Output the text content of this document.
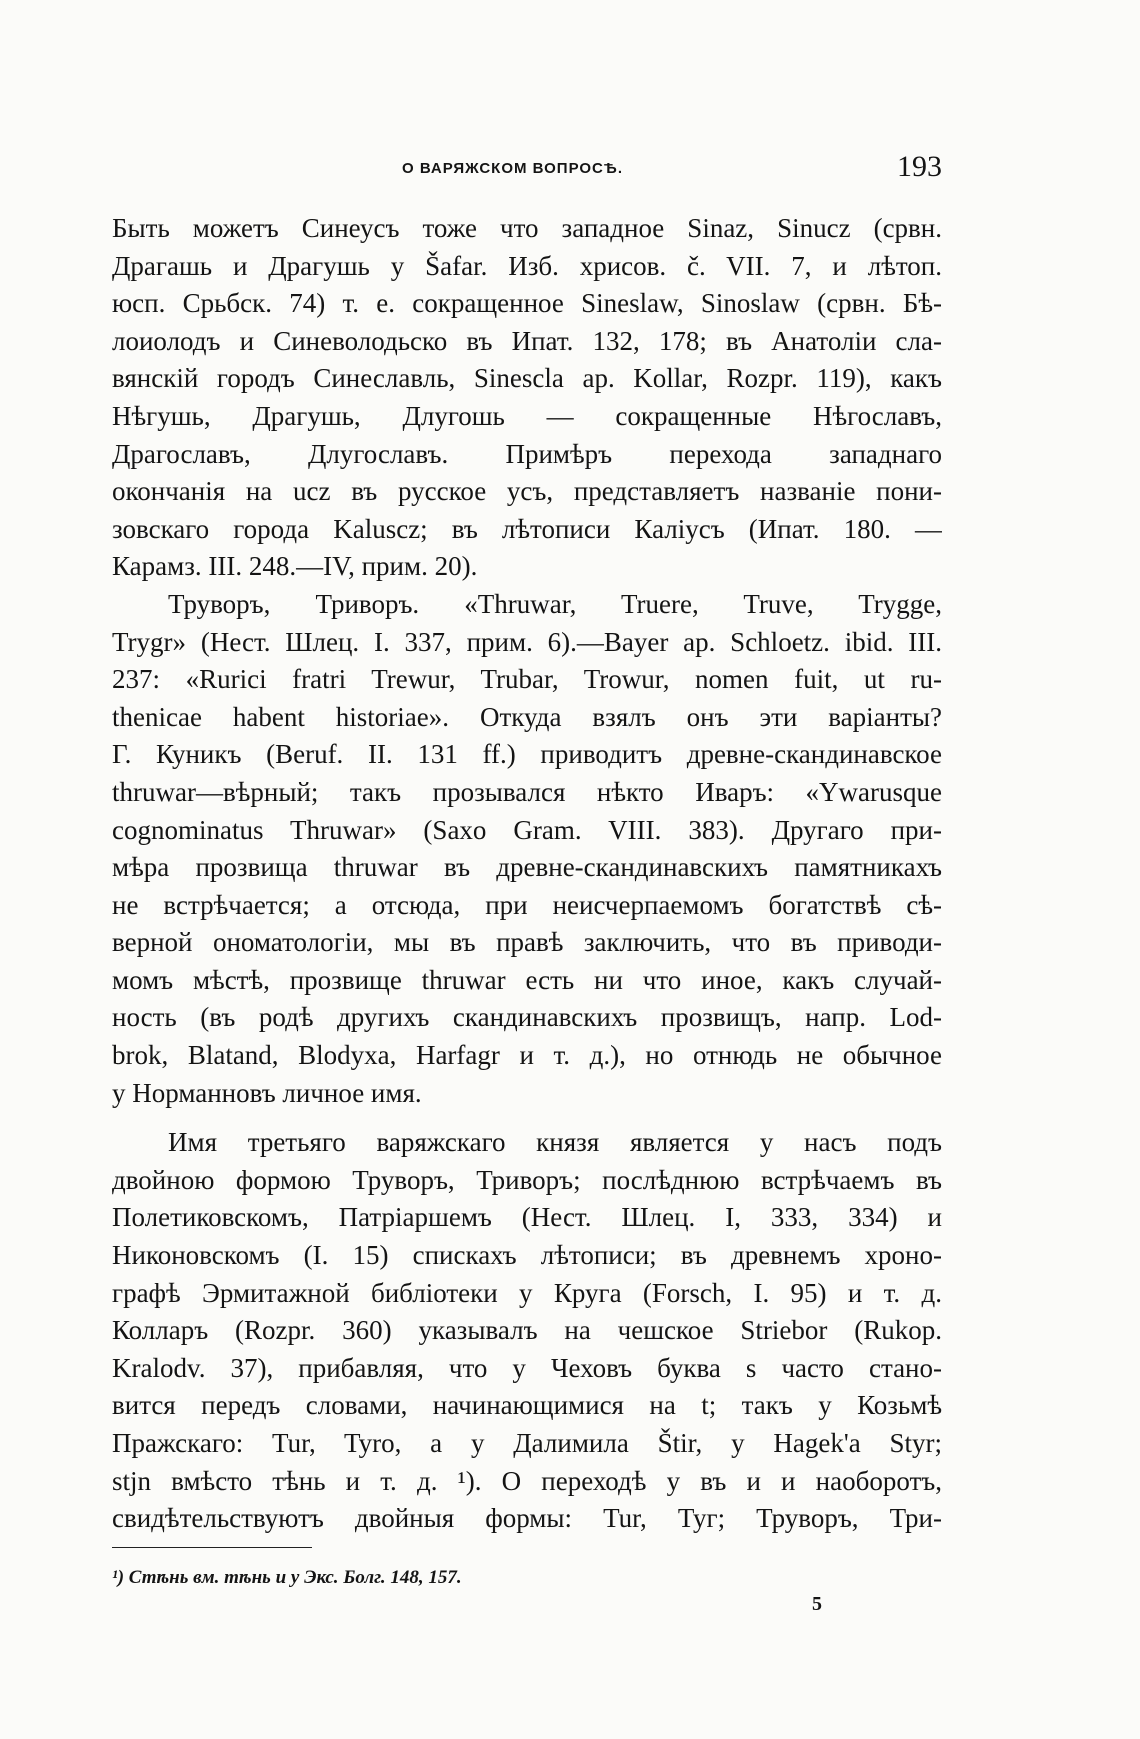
О ВАРЯЖСКОМ ВОПРОСѢ.	193
Быть можетъ Синеусъ тоже что западное Sinaz, Sinucz (срвн.
Драгашь и Драгушь у Šafar. Изб. хрисов. č. VII. 7, и лѣтоп.
юсп. Срьбск. 74) т. е. сокращенное Sineslaw, Sinoslaw (срвн. Бѣ-
лоиолодъ и Синеволодьско въ Ипат. 132, 178; въ Анатоліи сла-
вянскій городъ Синеславль, Sinescla ар. Kollar, Rozpr. 119), какъ
Нѣгушь, Драгушь, Длугошь — сокращенные Нѣгославъ,
Драгославъ, Длугославъ. Примѣръ перехода западнаго
окончанія на ucz въ русское усъ, представляетъ названіе пони-
зовскаго города Kaluscz; въ лѣтописи Калiусъ (Ипат. 180. —
Карамз. III. 248.—IV, прим. 20).
Труворъ, Триворъ. «Thruwar, Truere, Truve, Trygge,
Trygr» (Нест. Шлец. I. 337, прим. 6).—Bayer ap. Schloetz. ibid. III.
237: «Rurici fratri Trewur, Trubar, Trowur, nomen fuit, ut ru-
thenicae habent historiae». Откуда взялъ онъ эти варіанты?
Г. Куникъ (Beruf. II. 131 ff.) приводитъ древне-скандинавское
thruwar—вѣрный; такъ прозывался нѣкто Иваръ: «Ywarusque
cognominatus Thruwar» (Saxo Gram. VIII. 383). Другаго при-
мѣра прозвища thruwar въ древне-скандинавскихъ памятникахъ
не встрѣчается; а отсюда, при неисчерпаемомъ богатствѣ сѣ-
верной ономатологіи, мы въ правѣ заключить, что въ приводи-
момъ мѣстѣ, прозвище thruwar есть ни что иное, какъ случай-
ность (въ родѣ другихъ скандинавскихъ прозвищъ, напр. Lod-
brok, Blatand, Blodyxa, Harfagr и т. д.), но отнюдь не обычное
у Норманновъ личное имя.
Имя третьяго варяжскаго князя является у насъ подъ
двойною формою Труворъ, Триворъ; послѣднюю встрѣчаемъ въ
Полетиковскомъ, Патріаршемъ (Нест. Шлец. I, 333, 334) и
Никоновскомъ (I. 15) спискахъ лѣтописи; въ древнемъ хроно-
графѣ Эрмитажной библіотеки у Круга (Forsch, I. 95) и т. д.
Колларъ (Rozpr. 360) указывалъ на чешское Striebor (Rukop.
Kralodv. 37), прибавляя, что у Чеховъ буква s часто стано-
вится передъ словами, начинающимися на t; такъ у Козьмѣ
Пражскаго: Tur, Tyro, а у Далимила Štir, у Hagek'a Styr;
stjn вмѣсто тѣнь и т. д. ¹). О переходѣ у въ и и наоборотъ,
свидѣтельствуютъ двойныя формы: Tur, Туг; Труворъ, Три-
¹) Стѣнь вм. тѣнь и у Экс. Болг. 148, 157.
5
